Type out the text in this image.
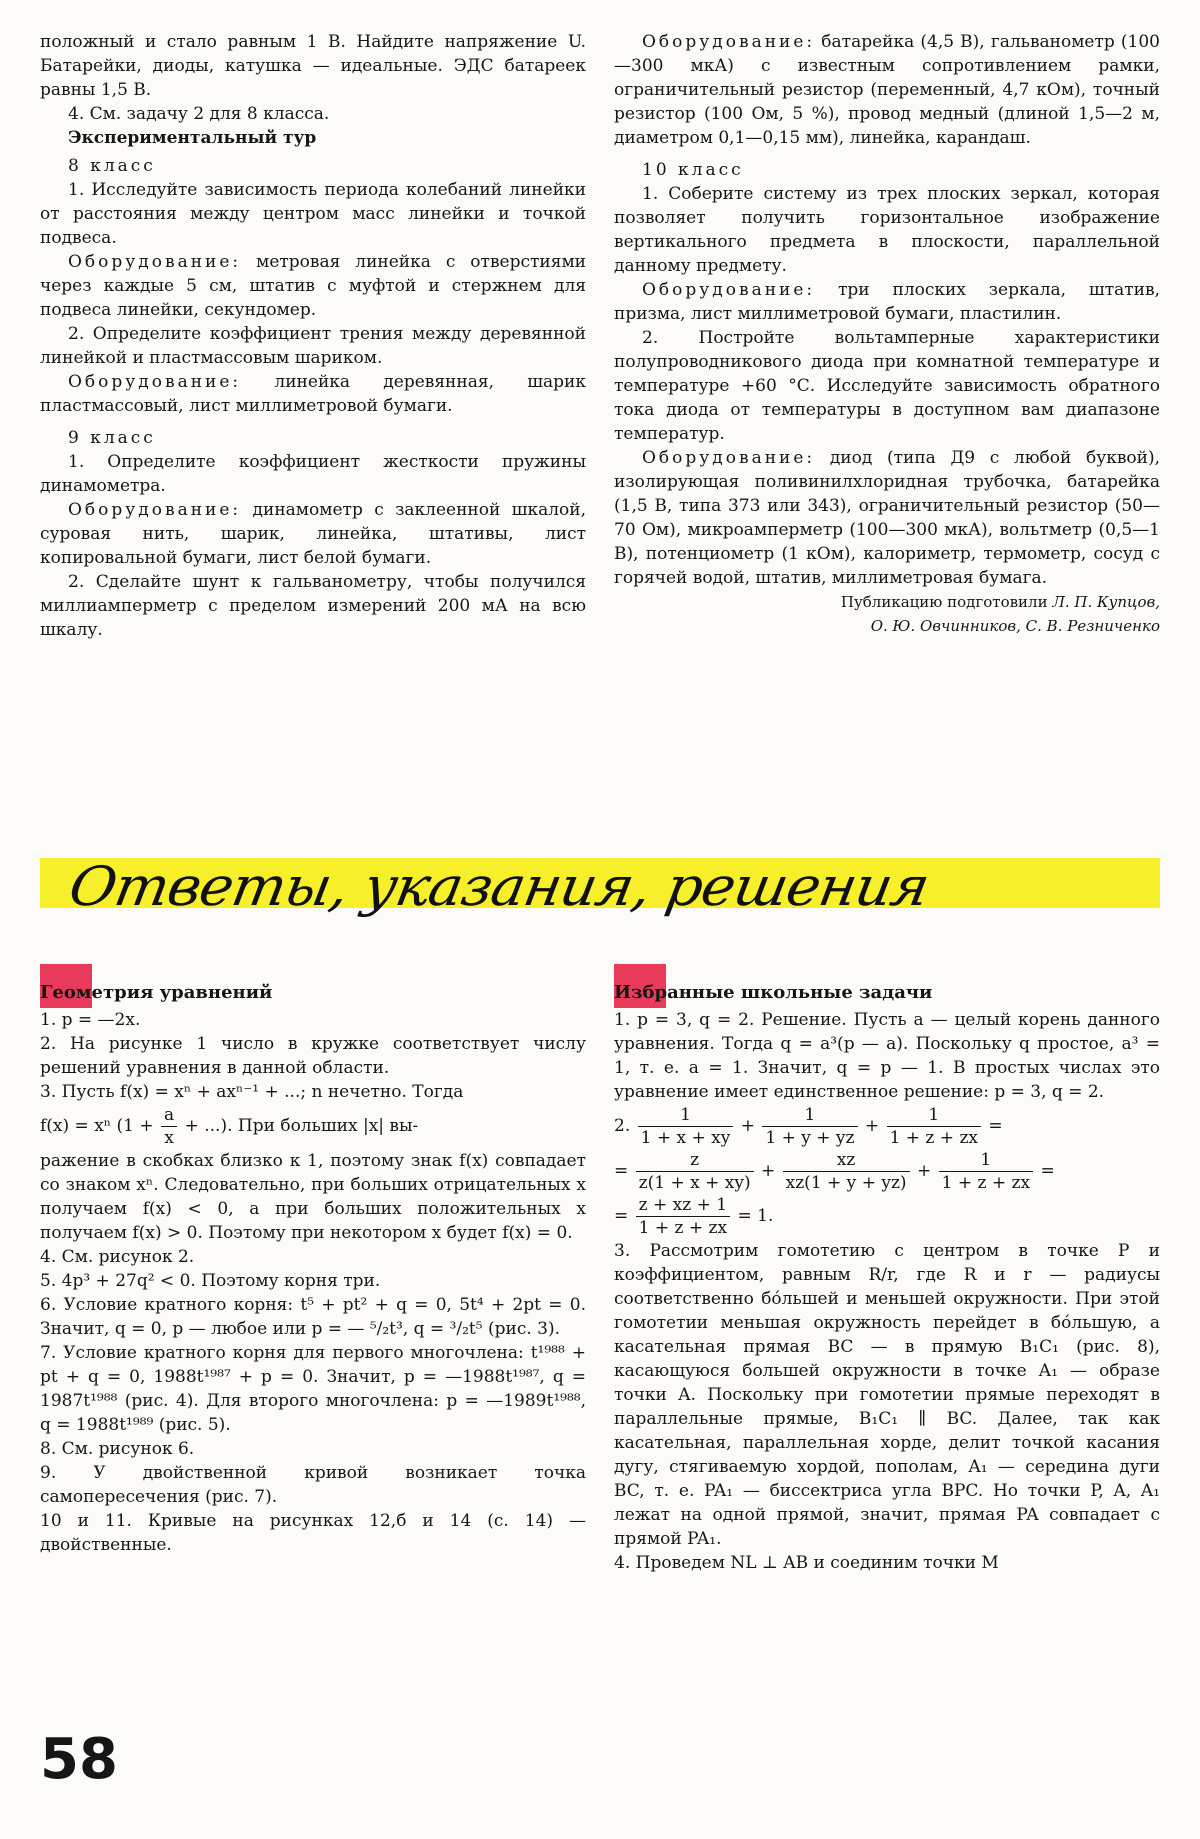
положный и стало равным 1 В. Найдите напряжение U. Батарейки, диоды, катушка — идеальные. ЭДС батареек равны 1,5 В.

4. См. задачу 2 для 8 класса.

Экспериментальный тур

8 класс

1. Исследуйте зависимость периода колебаний линейки от расстояния между центром масс линейки и точкой подвеса.

Оборудование: метровая линейка с отверстиями через каждые 5 см, штатив с муфтой и стержнем для подвеса линейки, секундомер.

2. Определите коэффициент трения между деревянной линейкой и пластмассовым шариком.

Оборудование: линейка деревянная, шарик пластмассовый, лист миллиметровой бумаги.

9 класс

1. Определите коэффициент жесткости пружины динамометра.

Оборудование: динамометр с заклеенной шкалой, суровая нить, шарик, линейка, штативы, лист копировальной бумаги, лист белой бумаги.

2. Сделайте шунт к гальванометру, чтобы получился миллиамперметр с пределом измерений 200 мА на всю шкалу.

Оборудование: батарейка (4,5 В), гальванометр (100—300 мкА) с известным сопротивлением рамки, ограничительный резистор (переменный, 4,7 кОм), точный резистор (100 Ом, 5 %), провод медный (длиной 1,5—2 м, диаметром 0,1—0,15 мм), линейка, карандаш.

10 класс

1. Соберите систему из трех плоских зеркал, которая позволяет получить горизонтальное изображение вертикального предмета в плоскости, параллельной данному предмету.

Оборудование: три плоских зеркала, штатив, призма, лист миллиметровой бумаги, пластилин.

2. Постройте вольтамперные характеристики полупроводникового диода при комнатной температуре и температуре +60 °С. Исследуйте зависимость обратного тока диода от температуры в доступном вам диапазоне температур.

Оборудование: диод (типа Д9 с любой буквой), изолирующая поливинилхлоридная трубочка, батарейка (1,5 В, типа 373 или 343), ограничительный резистор (50—70 Ом), микроамперметр (100—300 мкА), вольтметр (0,5—1 В), потенциометр (1 кОм), калориметр, термометр, сосуд с горячей водой, штатив, миллиметровая бумага.

Публикацию подготовили Л. П. Купцов,

О. Ю. Овчинников, С. В. Резниченко

Ответы, указания, решения

Геометрия уравнений

1. p = —2x.

2. На рисунке 1 число в кружке соответствует числу решений уравнения в данной области.

3. Пусть f(x) = xⁿ + axⁿ⁻¹ + ...; n нечетно. Тогда

f(x) = xⁿ ($1 + \frac{a}{x}$ + ...). При больших |x| вы-

ражение в скобках близко к 1, поэтому знак f(x) совпадает со знаком xⁿ. Следовательно, при больших отрицательных x получаем f(x) < 0, а при больших положительных x получаем f(x) > 0. Поэтому при некотором x будет f(x) = 0.

4. См. рисунок 2.

5. 4p³ + 27q² < 0. Поэтому корня три.

6. Условие кратного корня: t⁵ + pt² + q = 0, 5t⁴ + 2pt = 0. Значит, q = 0, p — любое или p = — ⁵/₂t³, q = ³/₂t⁵ (рис. 3).

7. Условие кратного корня для первого многочлена: t¹⁹⁸⁸ + pt + q = 0, 1988t¹⁹⁸⁷ + p = 0. Значит, p = —1988t¹⁹⁸⁷, q = 1987t¹⁹⁸⁸ (рис. 4). Для второго многочлена: p = —1989t¹⁹⁸⁸, q = 1988t¹⁹⁸⁹ (рис. 5).

8. См. рисунок 6.

9. У двойственной кривой возникает точка самопересечения (рис. 7).

10 и 11. Кривые на рисунках 12,б и 14 (с. 14) — двойственные.

Избранные школьные задачи

1. p = 3, q = 2. Решение. Пусть a — целый корень данного уравнения. Тогда q = a³(p — a). Поскольку q простое, a³ = 1, т. е. a = 1. Значит, q = p — 1. В простых числах это уравнение имеет единственное решение: p = 3, q = 2.

2. $\frac{1}{1 + x + xy} + \frac{1}{1 + y + yz} + \frac{1}{1 + z + zx}$ =

= $\frac{z}{z(1 + x + xy)} + \frac{xz}{xz(1 + y + yz)} + \frac{1}{1 + z + zx}$ =

= $\frac{z + xz + 1}{1 + z + zx} = 1$.

3. Рассмотрим гомотетию с центром в точке P и коэффициентом, равным R/r, где R и r — радиусы соответственно бо́льшей и меньшей окружности. При этой гомотетии меньшая окружность перейдет в бо́льшую, а касательная прямая BC — в прямую B₁C₁ (рис. 8), касающуюся большей окружности в точке A₁ — образе точки A. Поскольку при гомотетии прямые переходят в параллельные прямые, B₁C₁ ∥ BC. Далее, так как касательная, параллельная хорде, делит точкой касания дугу, стягиваемую хордой, пополам, A₁ — середина дуги BC, т. е. PA₁ — биссектриса угла BPC. Но точки P, A, A₁ лежат на одной прямой, значит, прямая PA совпадает с прямой PA₁.

4. Проведем NL ⊥ AB и соединим точки M

58
